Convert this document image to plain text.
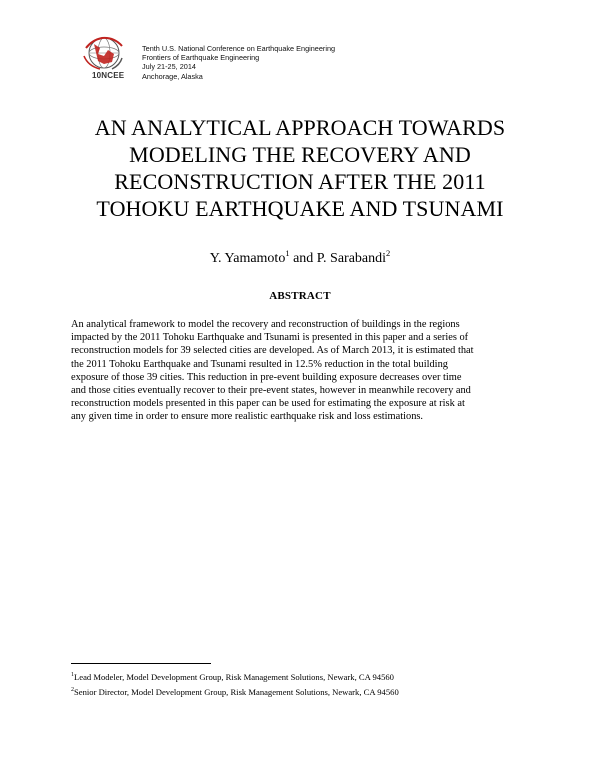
10NCEE
Tenth U.S. National Conference on Earthquake Engineering
Frontiers of Earthquake Engineering
July 21-25, 2014
Anchorage, Alaska
AN ANALYTICAL APPROACH TOWARDS
MODELING THE RECOVERY AND
RECONSTRUCTION AFTER THE 2011
TOHOKU EARTHQUAKE AND TSUNAMI
Y. Yamamoto$^1$ and P. Sarabandi$^2$
ABSTRACT
An analytical framework to model the recovery and reconstruction of buildings in the regions
impacted by the 2011 Tohoku Earthquake and Tsunami is presented in this paper and a series of
reconstruction models for 39 selected cities are developed. As of March 2013, it is estimated that
the 2011 Tohoku Earthquake and Tsunami resulted in 12.5% reduction in the total building
exposure of those 39 cities. This reduction in pre-event building exposure decreases over time
and those cities eventually recover to their pre-event states, however in meanwhile recovery and
reconstruction models presented in this paper can be used for estimating the exposure at risk at
any given time in order to ensure more realistic earthquake risk and loss estimations.
$^1$Lead Modeler, Model Development Group, Risk Management Solutions, Newark, CA 94560
$^2$Senior Director, Model Development Group, Risk Management Solutions, Newark, CA 94560
